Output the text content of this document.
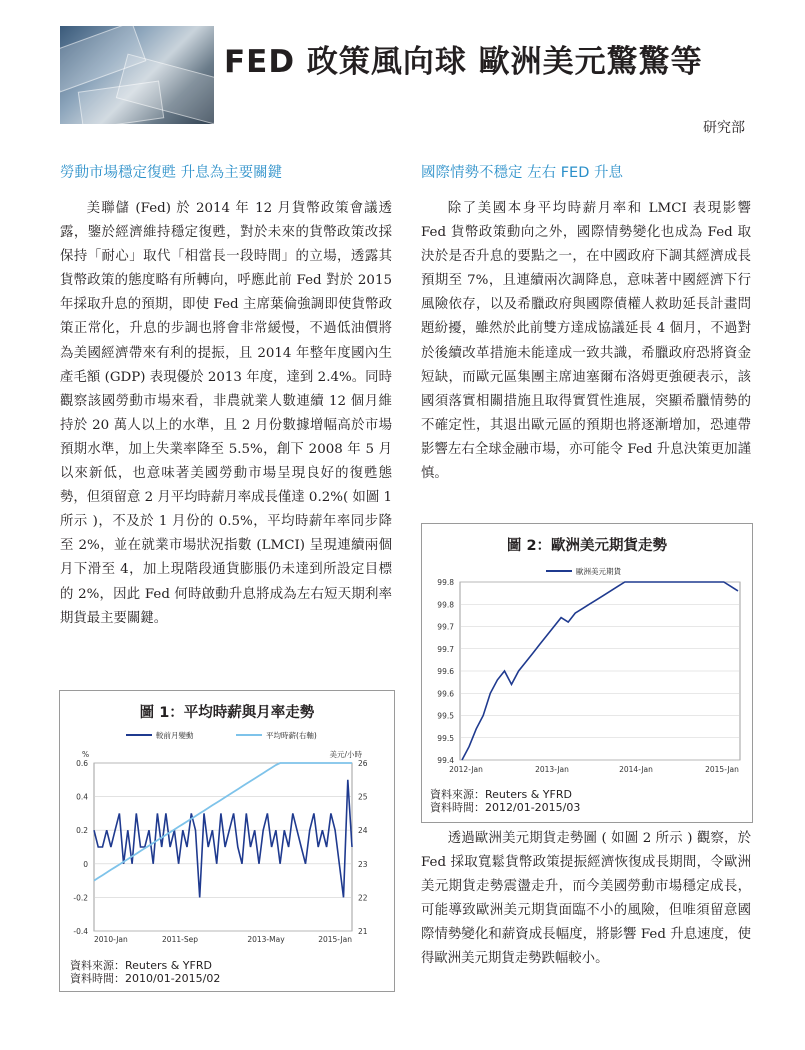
FED 政策風向球 歐洲美元驚驚等
研究部
勞動市場穩定復甦 升息為主要關鍵

美聯儲 (Fed) 於 2014 年 12 月貨幣政策會議透露，鑒於經濟維持穩定復甦，對於未來的貨幣政策改採保持「耐心」取代「相當長一段時間」的立場，透露其貨幣政策的態度略有所轉向，呼應此前 Fed 對於 2015 年採取升息的預期，即使 Fed 主席葉倫強調即使貨幣政策正常化，升息的步調也將會非常緩慢，不過低油價將為美國經濟帶來有利的提振，且 2014 年整年度國內生產毛額 (GDP) 表現優於 2013 年度，達到 2.4%。同時觀察該國勞動市場來看，非農就業人數連續 12 個月維持於 20 萬人以上的水準，且 2 月份數據增幅高於市場預期水準，加上失業率降至 5.5%，創下 2008 年 5 月以來新低，也意味著美國勞動市場呈現良好的復甦態勢，但須留意 2 月平均時薪月率成長僅達 0.2%( 如圖 1 所示 )，不及於 1 月份的 0.5%，平均時薪年率同步降至 2%，並在就業市場狀況指數 (LMCI) 呈現連續兩個月下滑至 4，加上現階段通貨膨脹仍未達到所設定目標的 2%，因此 Fed 何時啟動升息將成為左右短天期利率期貨最主要關鍵。

國際情勢不穩定 左右 FED 升息

除了美國本身平均時薪月率和 LMCI 表現影響 Fed 貨幣政策動向之外，國際情勢變化也成為 Fed 取決於是否升息的要點之一，在中國政府下調其經濟成長預期至 7%，且連續兩次調降息，意味著中國經濟下行風險依存，以及希臘政府與國際債權人救助延長計畫問題紛擾，雖然於此前雙方達成協議延長 4 個月，不過對於後續改革措施未能達成一致共識，希臘政府恐將資金短缺，而歐元區集團主席迪塞爾布洛姆更強硬表示，該國須落實相關措施且取得實質性進展，突顯希臘情勢的不確定性，其退出歐元區的預期也將逐漸增加，恐連帶影響左右全球金融市場，亦可能令 Fed 升息決策更加謹慎。

圖 1：平均時薪與月率走勢
0.6
0.4
0.2
0
-0.2
-0.4
26
25
24
23
22
21
2010-Jan	2011-Sep	2013-May	2015-Jan
%	美元/小時
較前月變動	平均時薪(右軸)
資料來源：Reuters & YFRD
資料時間：2010/01-2015/02
圖 2：歐洲美元期貨走勢
99.8
99.8
99.7
99.7
99.6
99.6
99.5
99.5
99.4
2012-Jan	2013-Jan	2014-Jan	2015-Jan
歐洲美元期貨
資料來源：Reuters & YFRD
資料時間：2012/01-2015/03

透過歐洲美元期貨走勢圖 ( 如圖 2 所示 ) 觀察，於 Fed 採取寬鬆貨幣政策提振經濟恢復成長期間，令歐洲美元期貨走勢震盪走升，而今美國勞動市場穩定成長，可能導致歐洲美元期貨面臨不小的風險，但唯須留意國際情勢變化和薪資成長幅度，將影響 Fed 升息速度，使得歐洲美元期貨走勢跌幅較小。
